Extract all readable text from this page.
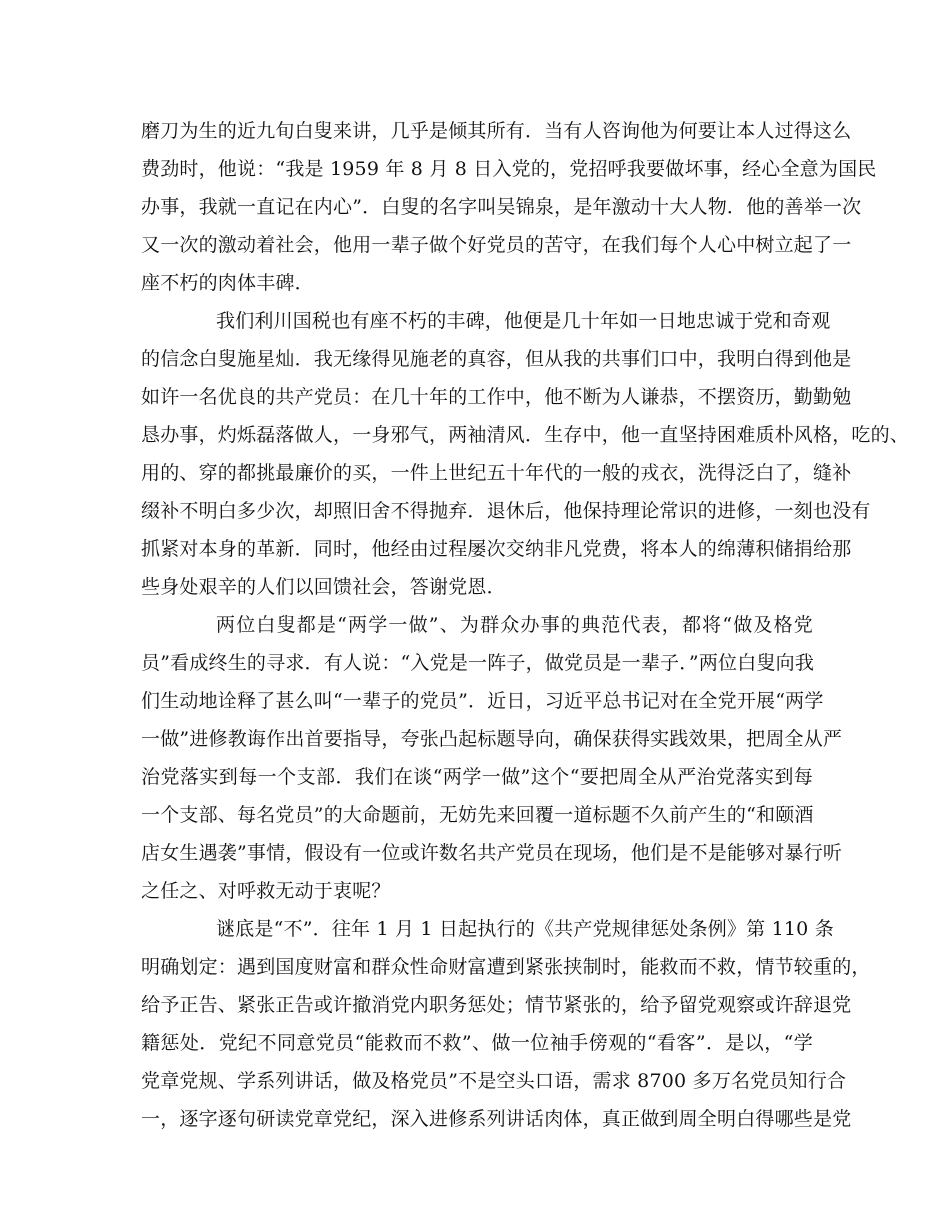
磨刀为生的近九旬白叟来讲，几乎是倾其所有．当有人咨询他为何要让本人过得这么
费劲时，他说：“我是 1959 年 8 月 8 日入党的，党招呼我要做坏事，经心全意为国民
办事，我就一直记在内心”．白叟的名字叫吴锦泉，是年激动十大人物．他的善举一次
又一次的激动着社会，他用一辈子做个好党员的苦守，在我们每个人心中树立起了一
座不朽的肉体丰碑．
我们利川国税也有座不朽的丰碑，他便是几十年如一日地忠诚于党和奇观
的信念白叟施星灿．我无缘得见施老的真容，但从我的共事们口中，我明白得到他是
如许一名优良的共产党员：在几十年的工作中，他不断为人谦恭，不摆资历，勤勤勉
恳办事，灼烁磊落做人，一身邪气，两袖清风．生存中，他一直坚持困难质朴风格，吃的、
用的、穿的都挑最廉价的买，一件上世纪五十年代的一般的戎衣，洗得泛白了，缝补
缀补不明白多少次，却照旧舍不得抛弃．退休后，他保持理论常识的进修，一刻也没有
抓紧对本身的革新．同时，他经由过程屡次交纳非凡党费，将本人的绵薄积储捐给那
些身处艰辛的人们以回馈社会，答谢党恩．
两位白叟都是“两学一做”、为群众办事的典范代表，都将“做及格党
员”看成终生的寻求．有人说：“入党是一阵子，做党员是一辈子．”两位白叟向我
们生动地诠释了甚么叫“一辈子的党员”．近日，习近平总书记对在全党开展“两学
一做”进修教诲作出首要指导，夸张凸起标题导向，确保获得实践效果，把周全从严
治党落实到每一个支部．我们在谈“两学一做”这个“要把周全从严治党落实到每
一个支部、每名党员”的大命题前，无妨先来回覆一道标题不久前产生的“和颐酒
店女生遇袭”事情，假设有一位或许数名共产党员在现场，他们是不是能够对暴行听
之任之、对呼救无动于衷呢？
谜底是“不”．往年 1 月 1 日起执行的《共产党规律惩处条例》第 110 条
明确划定：遇到国度财富和群众性命财富遭到紧张挟制时，能救而不救，情节较重的，
给予正告、紧张正告或许撤消党内职务惩处；情节紧张的，给予留党观察或许辞退党
籍惩处．党纪不同意党员“能救而不救”、做一位袖手傍观的“看客”．是以，“学
党章党规、学系列讲话，做及格党员”不是空头口语，需求 8700 多万名党员知行合
一，逐字逐句研读党章党纪，深入进修系列讲话肉体，真正做到周全明白得哪些是党
